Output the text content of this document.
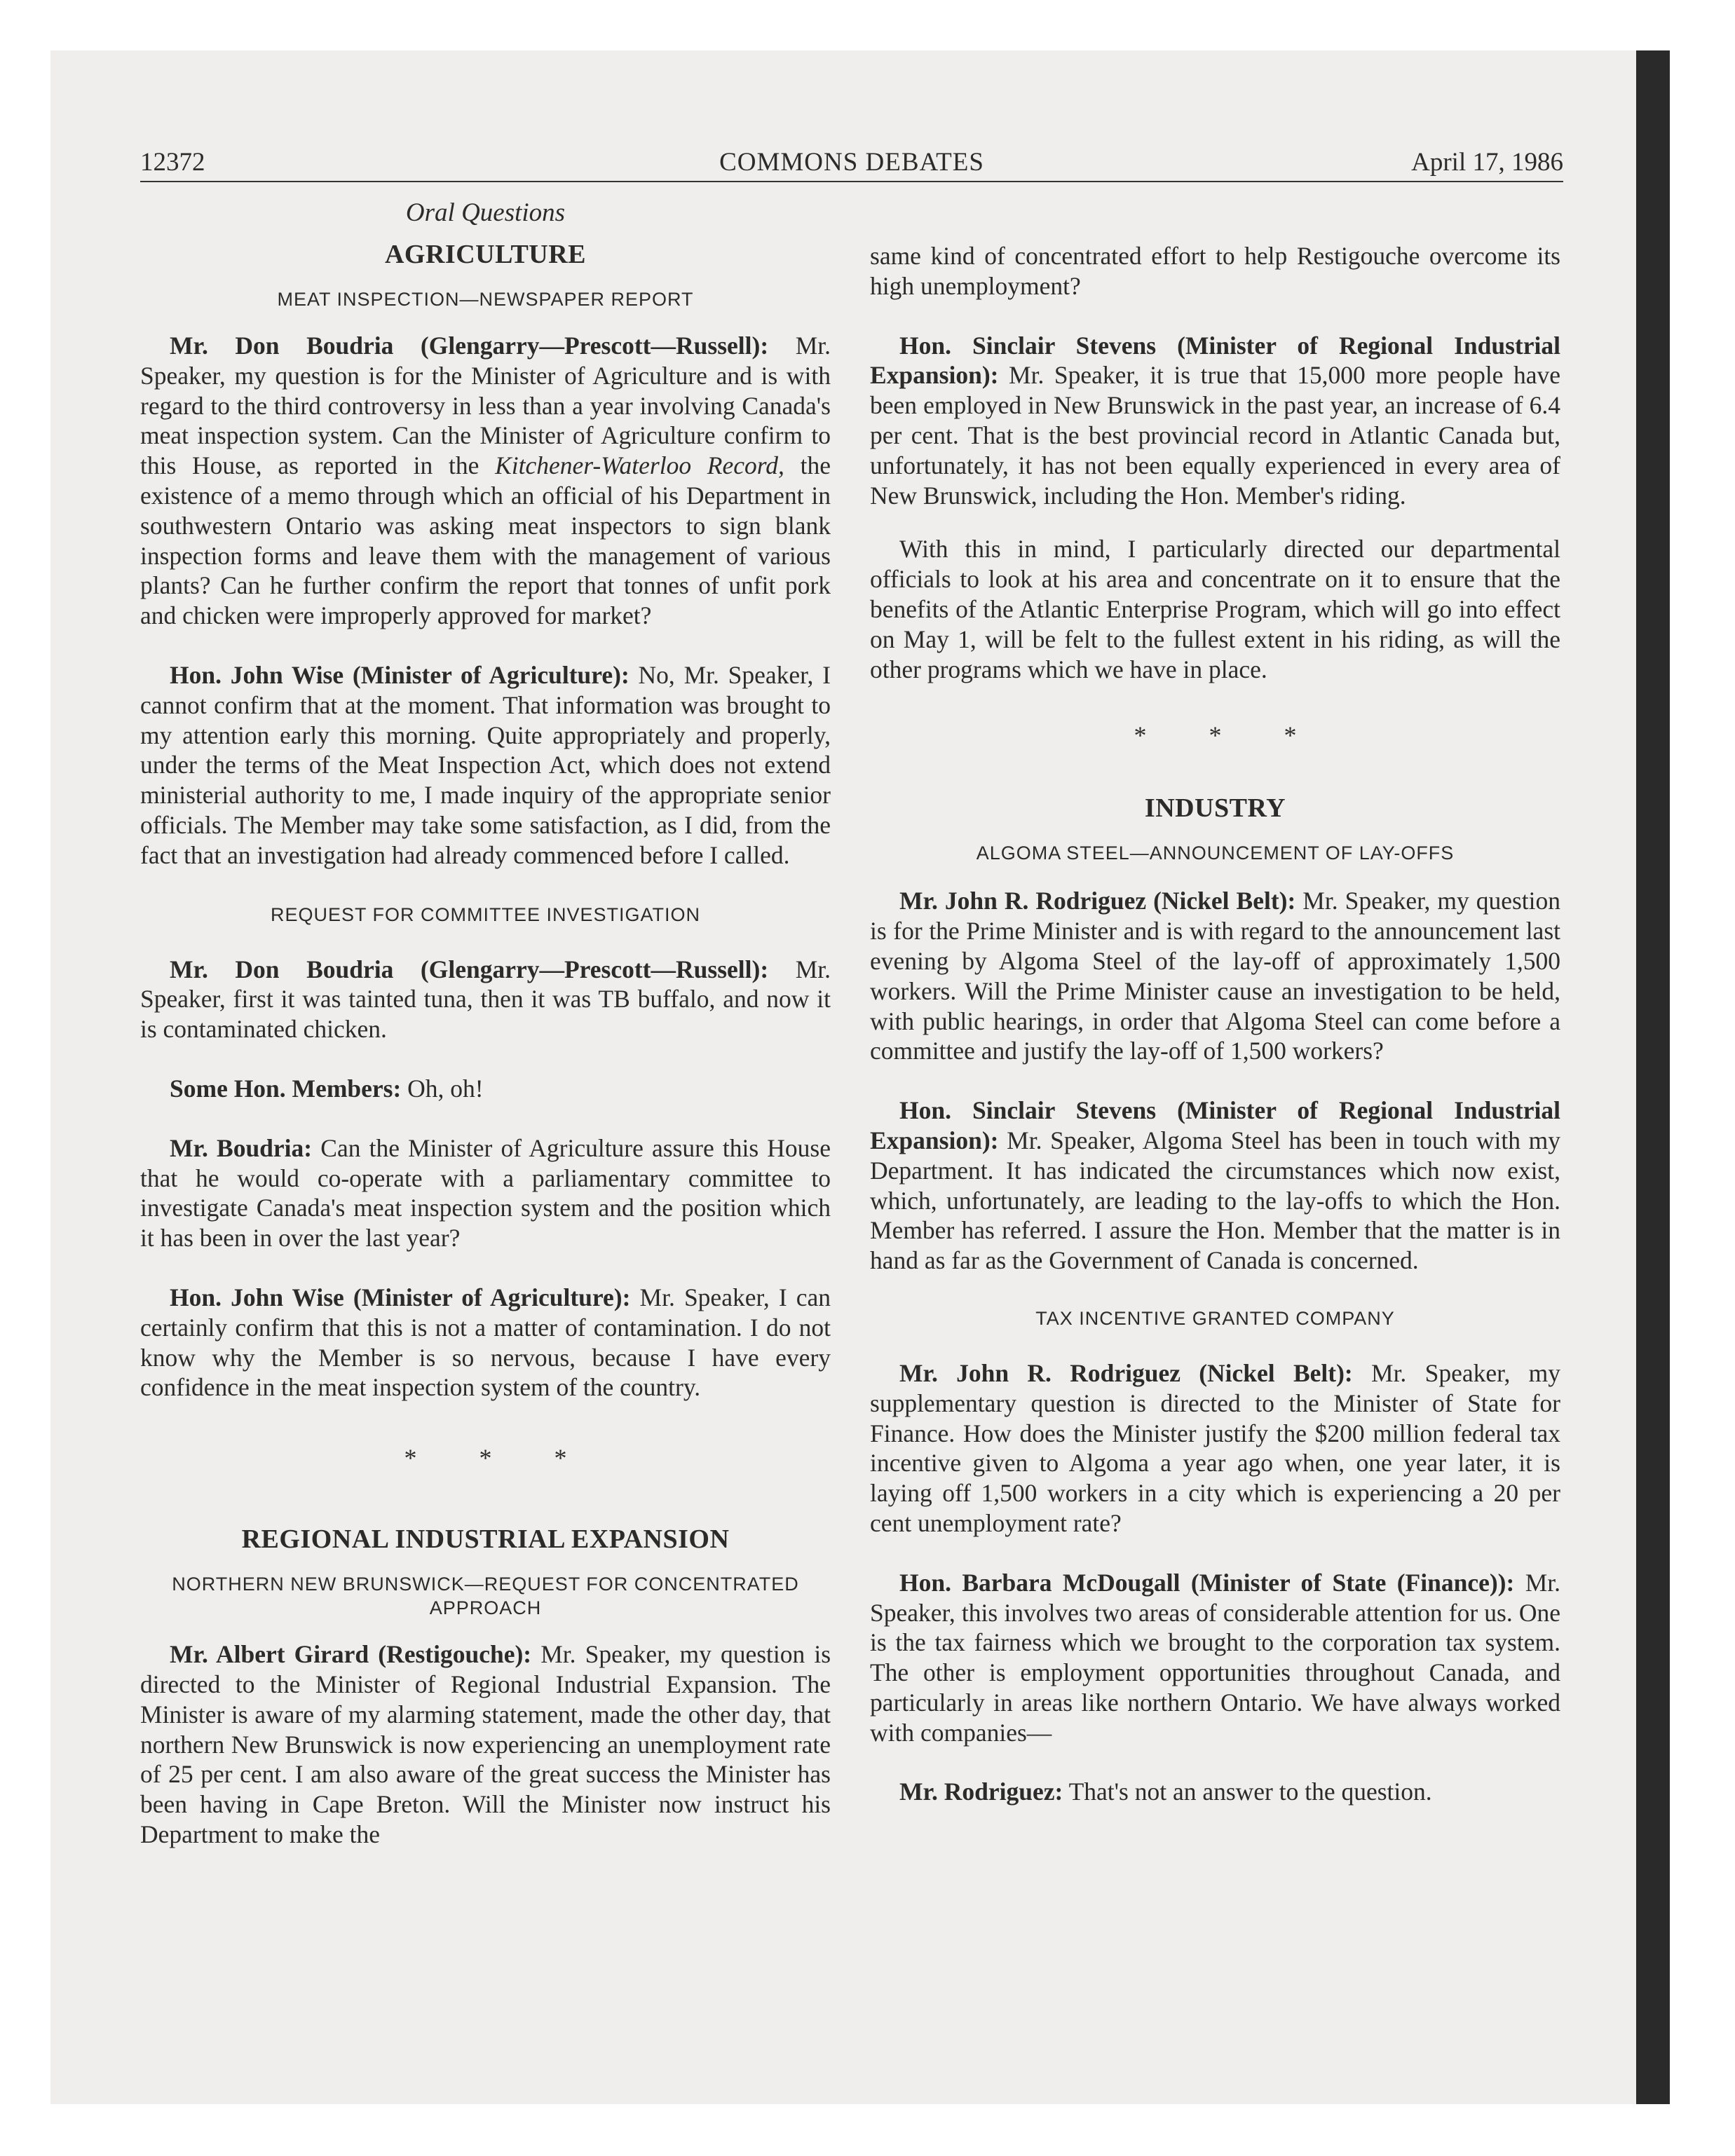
12372	COMMONS DEBATES	April 17, 1986
Oral Questions
AGRICULTURE
MEAT INSPECTION—NEWSPAPER REPORT

Mr. Don Boudria (Glengarry—Prescott—Russell): Mr. Speaker, my question is for the Minister of Agriculture and is with regard to the third controversy in less than a year involving Canada's meat inspection system. Can the Minister of Agriculture confirm to this House, as reported in the Kitchener-Waterloo Record, the existence of a memo through which an official of his Department in southwestern Ontario was asking meat inspectors to sign blank inspection forms and leave them with the management of various plants? Can he further confirm the report that tonnes of unfit pork and chicken were improperly approved for market?

Hon. John Wise (Minister of Agriculture): No, Mr. Speaker, I cannot confirm that at the moment. That information was brought to my attention early this morning. Quite appropriately and properly, under the terms of the Meat Inspection Act, which does not extend ministerial authority to me, I made inquiry of the appropriate senior officials. The Member may take some satisfaction, as I did, from the fact that an investigation had already commenced before I called.

REQUEST FOR COMMITTEE INVESTIGATION

Mr. Don Boudria (Glengarry—Prescott—Russell): Mr. Speaker, first it was tainted tuna, then it was TB buffalo, and now it is contaminated chicken.

Some Hon. Members: Oh, oh!

Mr. Boudria: Can the Minister of Agriculture assure this House that he would co-operate with a parliamentary committee to investigate Canada's meat inspection system and the position which it has been in over the last year?

Hon. John Wise (Minister of Agriculture): Mr. Speaker, I can certainly confirm that this is not a matter of contamination. I do not know why the Member is so nervous, because I have every confidence in the meat inspection system of the country.

* * *
REGIONAL INDUSTRIAL EXPANSION
NORTHERN NEW BRUNSWICK—REQUEST FOR CONCENTRATED APPROACH

Mr. Albert Girard (Restigouche): Mr. Speaker, my question is directed to the Minister of Regional Industrial Expansion. The Minister is aware of my alarming statement, made the other day, that northern New Brunswick is now experiencing an unemployment rate of 25 per cent. I am also aware of the great success the Minister has been having in Cape Breton. Will the Minister now instruct his Department to make the

same kind of concentrated effort to help Restigouche overcome its high unemployment?

Hon. Sinclair Stevens (Minister of Regional Industrial Expansion): Mr. Speaker, it is true that 15,000 more people have been employed in New Brunswick in the past year, an increase of 6.4 per cent. That is the best provincial record in Atlantic Canada but, unfortunately, it has not been equally experienced in every area of New Brunswick, including the Hon. Member's riding.

With this in mind, I particularly directed our departmental officials to look at his area and concentrate on it to ensure that the benefits of the Atlantic Enterprise Program, which will go into effect on May 1, will be felt to the fullest extent in his riding, as will the other programs which we have in place.

* * *
INDUSTRY
ALGOMA STEEL—ANNOUNCEMENT OF LAY-OFFS

Mr. John R. Rodriguez (Nickel Belt): Mr. Speaker, my question is for the Prime Minister and is with regard to the announcement last evening by Algoma Steel of the lay-off of approximately 1,500 workers. Will the Prime Minister cause an investigation to be held, with public hearings, in order that Algoma Steel can come before a committee and justify the lay-off of 1,500 workers?

Hon. Sinclair Stevens (Minister of Regional Industrial Expansion): Mr. Speaker, Algoma Steel has been in touch with my Department. It has indicated the circumstances which now exist, which, unfortunately, are leading to the lay-offs to which the Hon. Member has referred. I assure the Hon. Member that the matter is in hand as far as the Government of Canada is concerned.

TAX INCENTIVE GRANTED COMPANY

Mr. John R. Rodriguez (Nickel Belt): Mr. Speaker, my supplementary question is directed to the Minister of State for Finance. How does the Minister justify the $200 million federal tax incentive given to Algoma a year ago when, one year later, it is laying off 1,500 workers in a city which is experiencing a 20 per cent unemployment rate?

Hon. Barbara McDougall (Minister of State (Finance)): Mr. Speaker, this involves two areas of considerable attention for us. One is the tax fairness which we brought to the corporation tax system. The other is employment opportunities throughout Canada, and particularly in areas like northern Ontario. We have always worked with companies—

Mr. Rodriguez: That's not an answer to the question.
